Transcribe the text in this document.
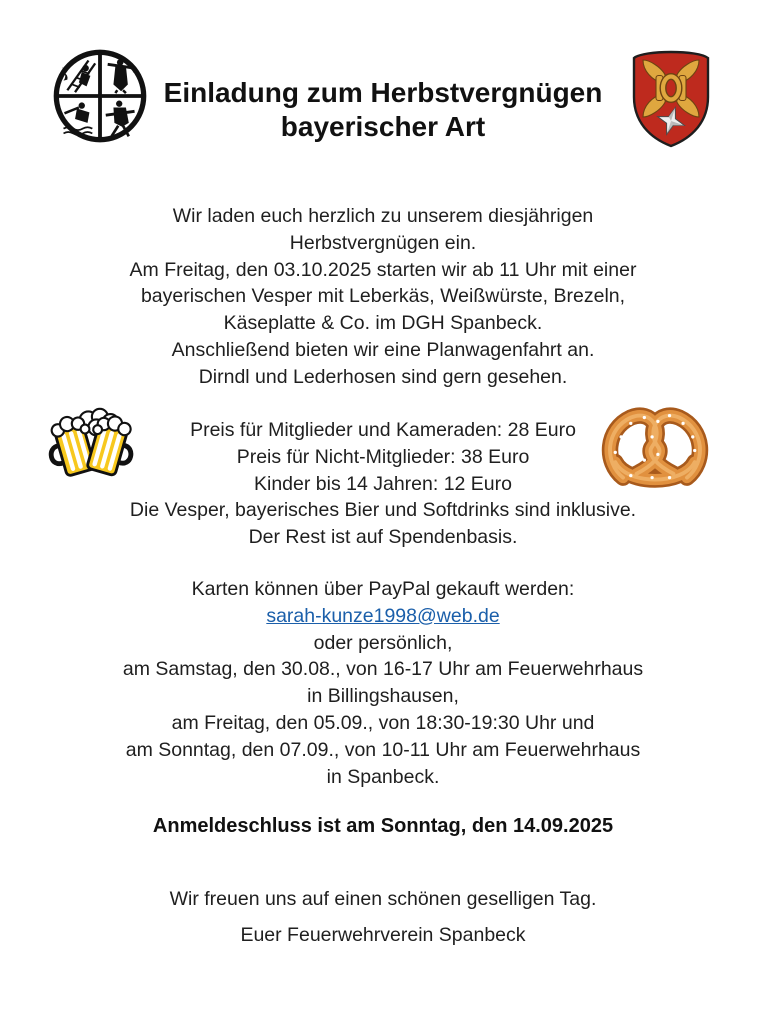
Einladung zum Herbstvergnügen
bayerischer Art
Wir laden euch herzlich zu unserem diesjährigen
Herbstvergnügen ein.
Am Freitag, den 03.10.2025 starten wir ab 11 Uhr mit einer
bayerischen Vesper mit Leberkäs, Weißwürste, Brezeln,
Käseplatte & Co. im DGH Spanbeck.
Anschließend bieten wir eine Planwagenfahrt an.
Dirndl und Lederhosen sind gern gesehen.
Preis für Mitglieder und Kameraden: 28 Euro
Preis für Nicht-Mitglieder: 38 Euro
Kinder bis 14 Jahren: 12 Euro
Die Vesper, bayerisches Bier und Softdrinks sind inklusive.
Der Rest ist auf Spendenbasis.
Karten können über PayPal gekauft werden:
sarah-kunze1998@web.de
oder persönlich,
am Samstag, den 30.08., von 16-17 Uhr am Feuerwehrhaus
in Billingshausen,
am Freitag, den 05.09., von 18:30-19:30 Uhr und
am Sonntag, den 07.09., von 10-11 Uhr am Feuerwehrhaus
in Spanbeck.
Anmeldeschluss ist am Sonntag, den 14.09.2025
Wir freuen uns auf einen schönen geselligen Tag.
Euer Feuerwehrverein Spanbeck
